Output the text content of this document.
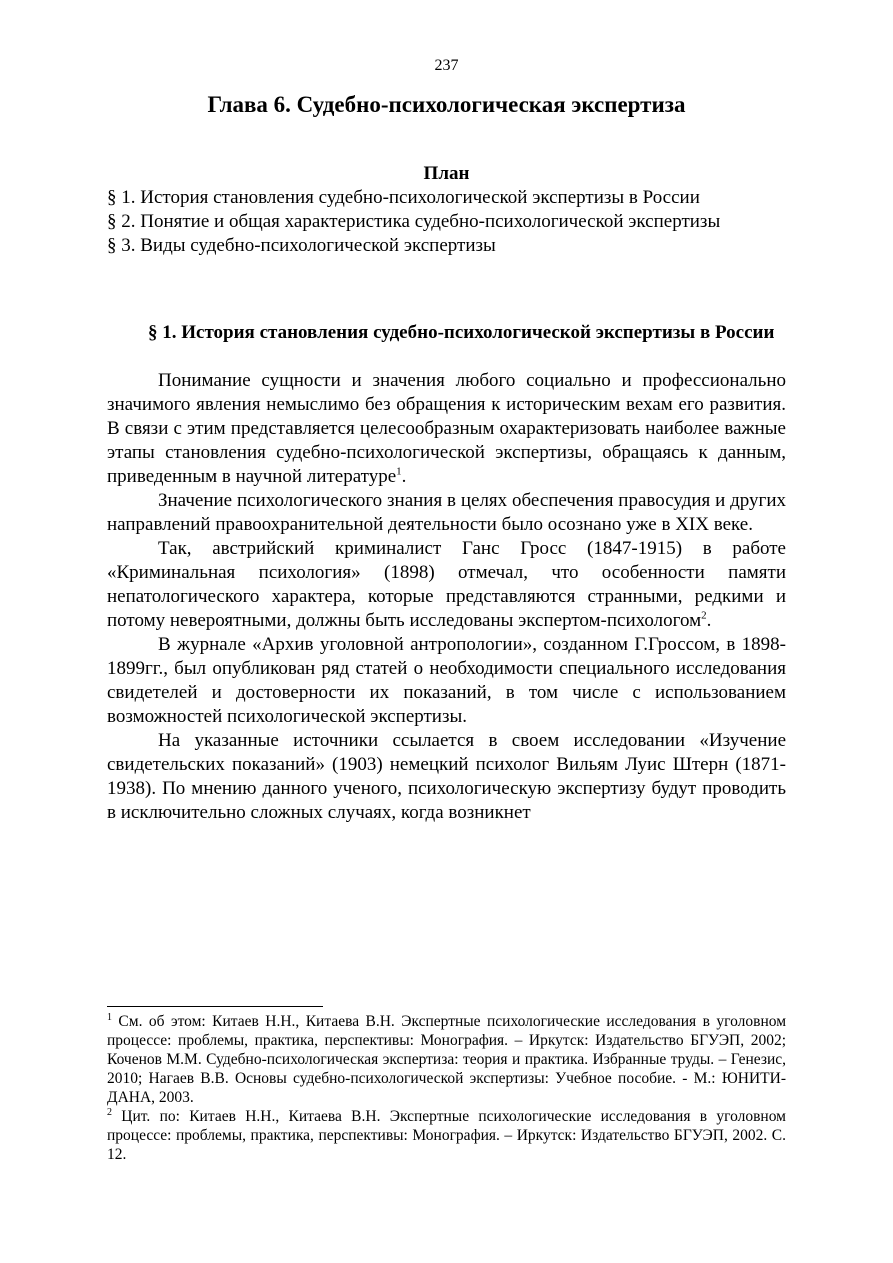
237
Глава 6. Судебно-психологическая экспертиза
План
§ 1. История становления судебно-психологической экспертизы в России
§ 2. Понятие и общая характеристика судебно-психологической экспертизы
§ 3. Виды судебно-психологической экспертизы
§ 1. История становления судебно-психологической экспертизы в России

Понимание сущности и значения любого социально и профессионально значимого явления немыслимо без обращения к историческим вехам его развития. В связи с этим представляется целесообразным охарактеризовать наиболее важные этапы становления судебно-психологической экспертизы, обращаясь к данным, приведенным в научной литературе$^1$.

Значение психологического знания в целях обеспечения правосудия и других направлений правоохранительной деятельности было осознано уже в XIX веке.

Так, австрийский криминалист Ганс Гросс (1847-1915) в работе «Криминальная психология» (1898) отмечал, что особенности памяти непатологического характера, которые представляются странными, редкими и потому невероятными, должны быть исследованы экспертом-психологом$^2$.

В журнале «Архив уголовной антропологии», созданном Г.Гроссом, в 1898-1899гг., был опубликован ряд статей о необходимости специального исследования свидетелей и достоверности их показаний, в том числе с использованием возможностей психологической экспертизы.

На указанные источники ссылается в своем исследовании «Изучение свидетельских показаний» (1903) немецкий психолог Вильям Луис Штерн (1871-1938). По мнению данного ученого, психологическую экспертизу будут проводить в исключительно сложных случаях, когда возникнет

$^1$ См. об этом: Китаев Н.Н., Китаева В.Н. Экспертные психологические исследования в уголовном процессе: проблемы, практика, перспективы: Монография. – Иркутск: Издательство БГУЭП, 2002; Коченов М.М. Судебно-психологическая экспертиза: теория и практика. Избранные труды. – Генезис, 2010; Нагаев В.В. Основы судебно-психологической экспертизы: Учебное пособие. - М.: ЮНИТИ-ДАНА, 2003.

$^2$ Цит. по: Китаев Н.Н., Китаева В.Н. Экспертные психологические исследования в уголовном процессе: проблемы, практика, перспективы: Монография. – Иркутск: Издательство БГУЭП, 2002. С. 12.
